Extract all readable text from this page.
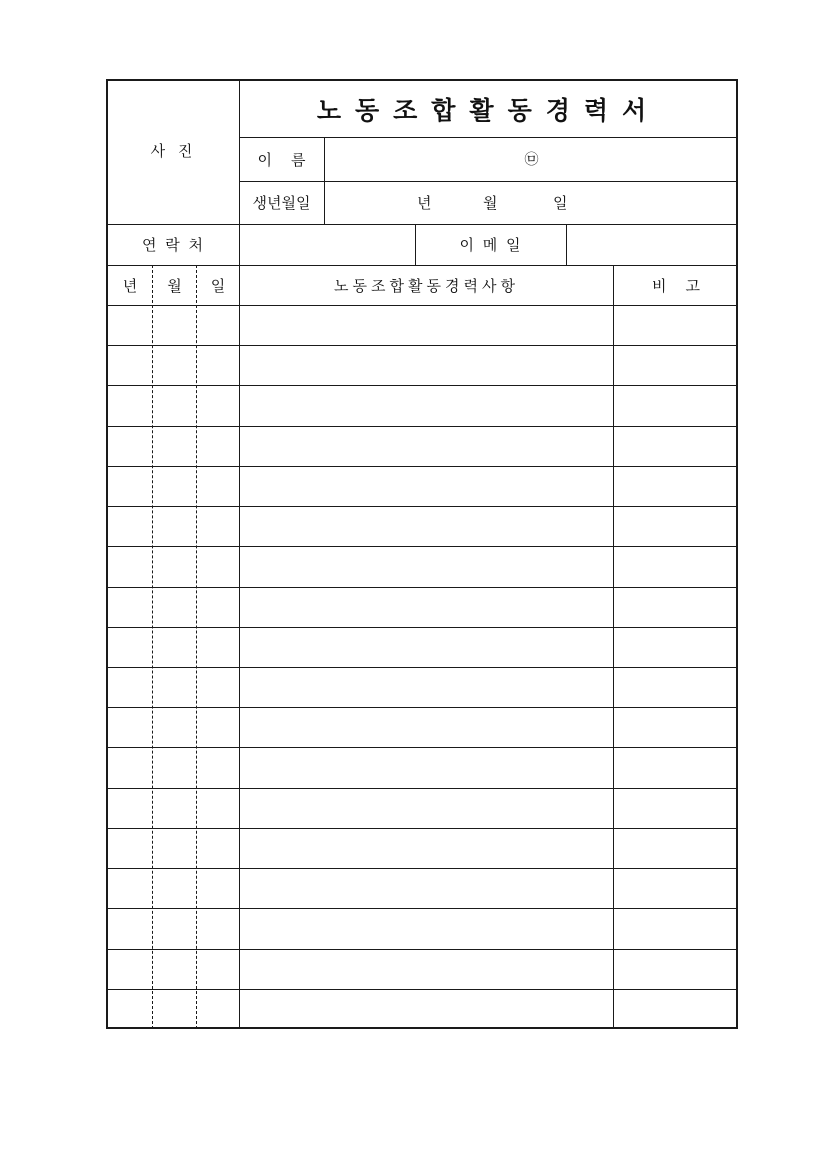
사 진
노동조합활동경력서
이    름	㉤
생년월일	년	월	일
연 락 처	이 메 일
년	월	일	노동조합활동경력사항	비    고
